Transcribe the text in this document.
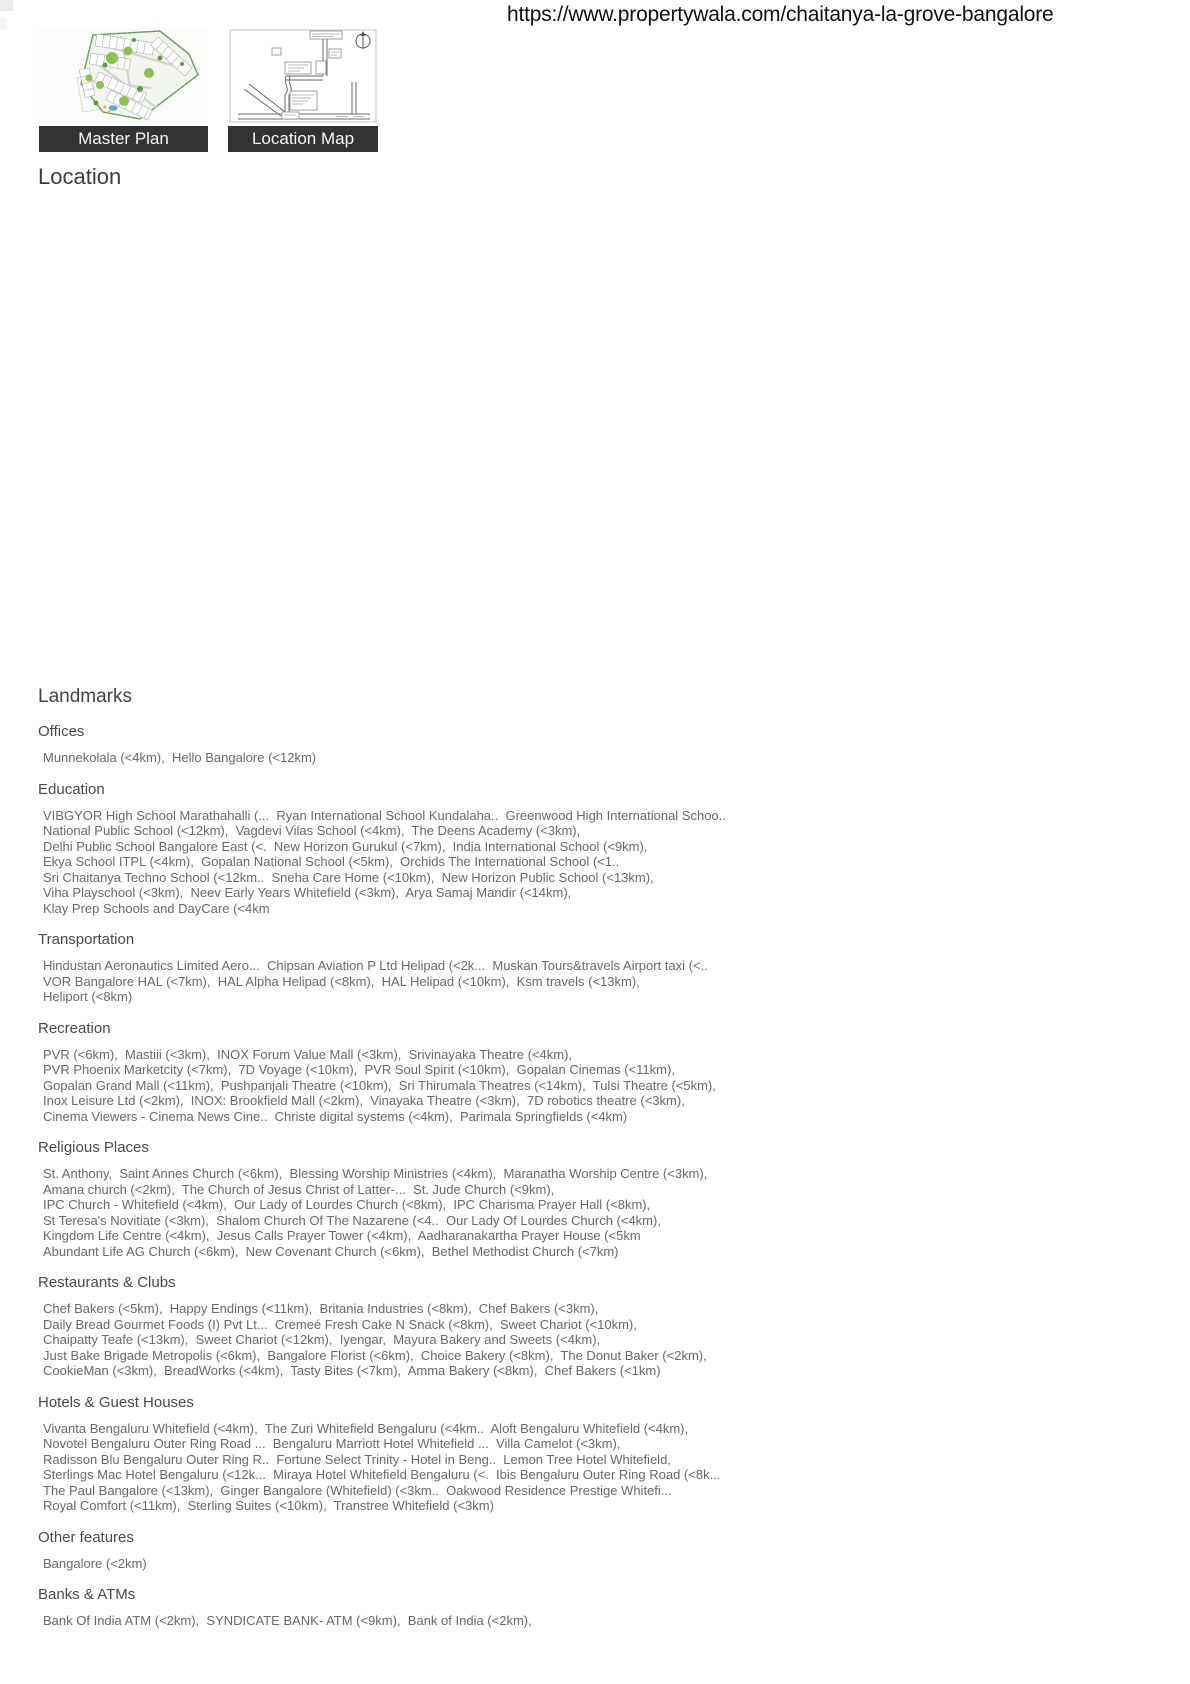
https://www.propertywala.com/chaitanya-la-grove-bangalore
Master Plan	Location Map
Location
Landmarks
Offices
Munnekolala (<4km),  Hello Bangalore (<12km)
Education
VIBGYOR High School Marathahalli (...  Ryan International School Kundalaha..  Greenwood High International Schoo..
National Public School (<12km),  Vagdevi Vilas School (<4km),  The Deens Academy (<3km),
Delhi Public School Bangalore East (<.  New Horizon Gurukul (<7km),  India International School (<9km),
Ekya School ITPL (<4km),  Gopalan National School (<5km),  Orchids The International School (<1..
Sri Chaitanya Techno School (<12km..  Sneha Care Home (<10km),  New Horizon Public School (<13km),
Viha Playschool (<3km),  Neev Early Years Whitefield (<3km),  Arya Samaj Mandir (<14km),
Klay Prep Schools and DayCare (<4km
Transportation
Hindustan Aeronautics Limited Aero...  Chipsan Aviation P Ltd Helipad (<2k...  Muskan Tours&travels Airport taxi (<..
VOR Bangalore HAL (<7km),  HAL Alpha Helipad (<8km),  HAL Helipad (<10km),  Ksm travels (<13km),
Heliport (<8km)
Recreation
PVR (<6km),  Mastiii (<3km),  INOX Forum Value Mall (<3km),  Srivinayaka Theatre (<4km),
PVR Phoenix Marketcity (<7km),  7D Voyage (<10km),  PVR Soul Spirit (<10km),  Gopalan Cinemas (<11km),
Gopalan Grand Mall (<11km),  Pushpanjali Theatre (<10km),  Sri Thirumala Theatres (<14km),  Tulsi Theatre (<5km),
Inox Leisure Ltd (<2km),  INOX: Brookfield Mall (<2km),  Vinayaka Theatre (<3km),  7D robotics theatre (<3km),
Cinema Viewers - Cinema News Cine..  Christe digital systems (<4km),  Parimala Springfields (<4km)
Religious Places
St. Anthony,  Saint Annes Church (<6km),  Blessing Worship Ministries (<4km),  Maranatha Worship Centre (<3km),
Amana church (<2km),  The Church of Jesus Christ of Latter-...  St. Jude Church (<9km),
IPC Church - Whitefield (<4km),  Our Lady of Lourdes Church (<8km),  IPC Charisma Prayer Hall (<8km),
St Teresa's Novitiate (<3km),  Shalom Church Of The Nazarene (<4..  Our Lady Of Lourdes Church (<4km),
Kingdom Life Centre (<4km),  Jesus Calls Prayer Tower (<4km),  Aadharanakartha Prayer House (<5km
Abundant Life AG Church (<6km),  New Covenant Church (<6km),  Bethel Methodist Church (<7km)
Restaurants & Clubs
Chef Bakers (<5km),  Happy Endings (<11km),  Britania Industries (<8km),  Chef Bakers (<3km),
Daily Bread Gourmet Foods (I) Pvt Lt...  Cremeé Fresh Cake N Snack (<8km),  Sweet Chariot (<10km),
Chaipatty Teafe (<13km),  Sweet Chariot (<12km),  Iyengar,  Mayura Bakery and Sweets (<4km),
Just Bake Brigade Metropolis (<6km),  Bangalore Florist (<6km),  Choice Bakery (<8km),  The Donut Baker (<2km),
CookieMan (<3km),  BreadWorks (<4km),  Tasty Bites (<7km),  Amma Bakery (<8km),  Chef Bakers (<1km)
Hotels & Guest Houses
Vivanta Bengaluru Whitefield (<4km),  The Zuri Whitefield Bengaluru (<4km..  Aloft Bengaluru Whitefield (<4km),
Novotel Bengaluru Outer Ring Road ...  Bengaluru Marriott Hotel Whitefield ...  Villa Camelot (<3km),
Radisson Blu Bengaluru Outer Ring R..  Fortune Select Trinity - Hotel in Beng..  Lemon Tree Hotel Whitefield,
Sterlings Mac Hotel Bengaluru (<12k...  Miraya Hotel Whitefield Bengaluru (<.  Ibis Bengaluru Outer Ring Road (<8k...
The Paul Bangalore (<13km),  Ginger Bangalore (Whitefield) (<3km..  Oakwood Residence Prestige Whitefi...
Royal Comfort (<11km),  Sterling Suites (<10km),  Transtree Whitefield (<3km)
Other features
Bangalore (<2km)
Banks & ATMs
Bank Of India ATM (<2km),  SYNDICATE BANK- ATM (<9km),  Bank of India (<2km),
